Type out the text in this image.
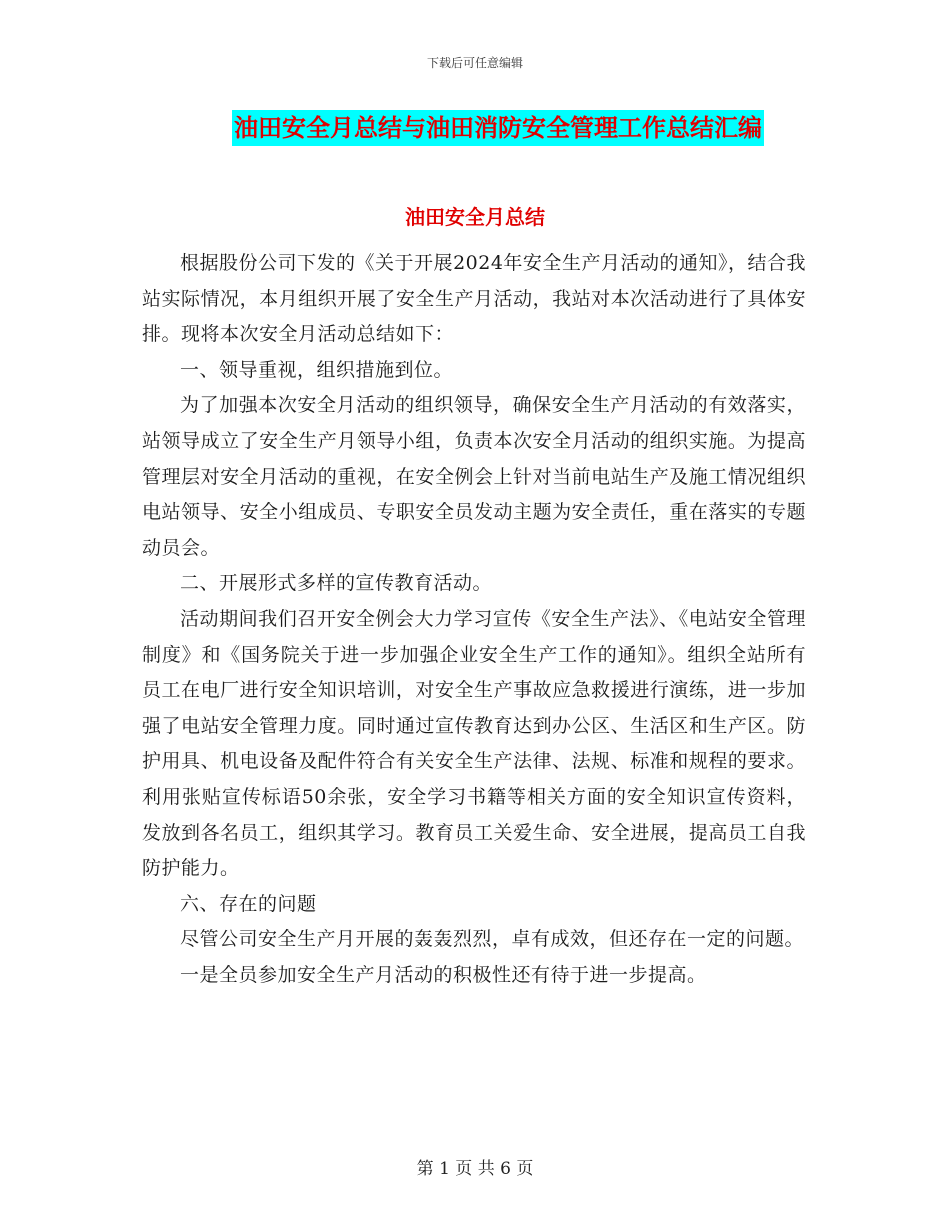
下载后可任意编辑
油田安全月总结与油田消防安全管理工作总结汇编
油田安全月总结

根据股份公司下发的《关于开展2024年安全生产月活动的通知》，结合我站实际情况，本月组织开展了安全生产月活动，我站对本次活动进行了具体安排。现将本次安全月活动总结如下：

一、领导重视，组织措施到位。

为了加强本次安全月活动的组织领导，确保安全生产月活动的有效落实，站领导成立了安全生产月领导小组，负责本次安全月活动的组织实施。为提高管理层对安全月活动的重视，在安全例会上针对当前电站生产及施工情况组织电站领导、安全小组成员、专职安全员发动主题为安全责任，重在落实的专题动员会。

二、开展形式多样的宣传教育活动。

活动期间我们召开安全例会大力学习宣传《安全生产法》、《电站安全管理制度》和《国务院关于进一步加强企业安全生产工作的通知》。组织全站所有员工在电厂进行安全知识培训，对安全生产事故应急救援进行演练，进一步加强了电站安全管理力度。同时通过宣传教育达到办公区、生活区和生产区。防护用具、机电设备及配件符合有关安全生产法律、法规、标准和规程的要求。利用张贴宣传标语50余张，安全学习书籍等相关方面的安全知识宣传资料，发放到各名员工，组织其学习。教育员工关爱生命、安全进展，提高员工自我防护能力。

六、存在的问题

尽管公司安全生产月开展的轰轰烈烈，卓有成效，但还存在一定的问题。

一是全员参加安全生产月活动的积极性还有待于进一步提高。

第 1 页 共 6 页
